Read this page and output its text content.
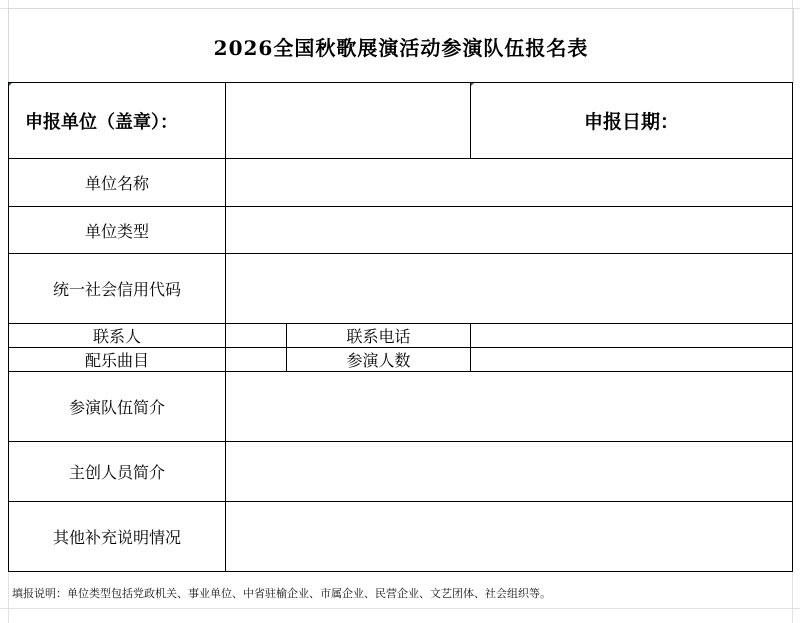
2026全国秋歌展演活动参演队伍报名表
申报单位（盖章）：			申报日期：
单位名称			
单位类型			
统一社会信用代码			
联系人		联系电话	
配乐曲目		参演人数	
参演队伍简介			
主创人员简介			
其他补充说明情况			
填报说明：单位类型包括党政机关、事业单位、中省驻榆企业、市属企业、民营企业、文艺团体、社会组织等。
